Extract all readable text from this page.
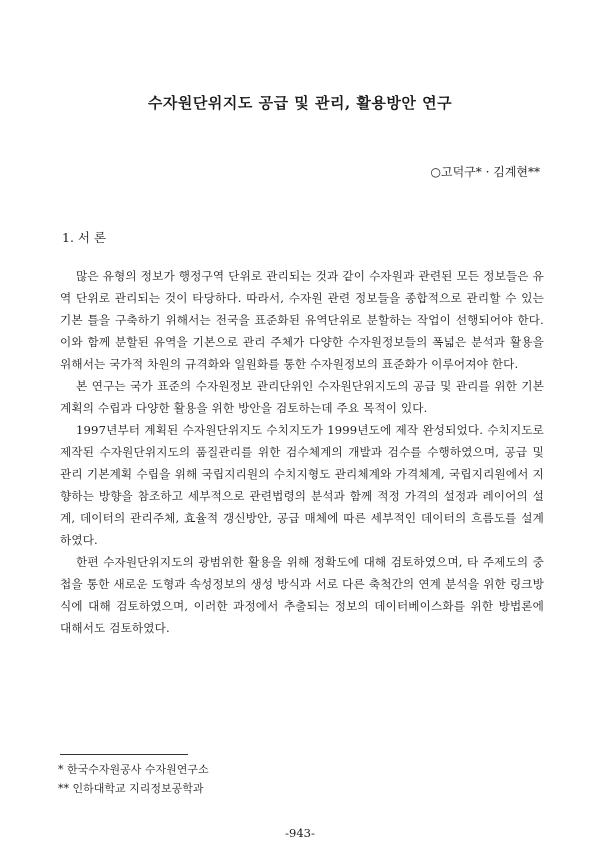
수자원단위지도 공급 및 관리, 활용방안 연구
○고덕구* · 김계현**
1. 서 론

많은 유형의 정보가 행정구역 단위로 관리되는 것과 같이 수자원과 관련된 모든 정보들은 유역 단위로 관리되는 것이 타당하다. 따라서, 수자원 관련 정보들을 종합적으로 관리할 수 있는 기본 틀을 구축하기 위해서는 전국을 표준화된 유역단위로 분할하는 작업이 선행되어야 한다. 이와 함께 분할된 유역을 기본으로 관리 주체가 다양한 수자원정보들의 폭넓은 분석과 활용을 위해서는 국가적 차원의 규격화와 일원화를 통한 수자원정보의 표준화가 이루어져야 한다.

본 연구는 국가 표준의 수자원정보 관리단위인 수자원단위지도의 공급 및 관리를 위한 기본계획의 수립과 다양한 활용을 위한 방안을 검토하는데 주요 목적이 있다.

1997년부터 계획된 수자원단위지도 수치지도가 1999년도에 제작 완성되었다. 수치지도로 제작된 수자원단위지도의 품질관리를 위한 검수체계의 개발과 검수를 수행하였으며, 공급 및 관리 기본계획 수립을 위해 국립지리원의 수치지형도 관리체계와 가격체계, 국립지리원에서 지향하는 방향을 참조하고 세부적으로 관련법령의 분석과 함께 적정 가격의 설정과 레이어의 설계, 데이터의 관리주체, 효율적 갱신방안, 공급 매체에 따른 세부적인 데이터의 흐름도를 설계하였다.

한편 수자원단위지도의 광범위한 활용을 위해 정확도에 대해 검토하였으며, 타 주제도의 중첩을 통한 새로운 도형과 속성정보의 생성 방식과 서로 다른 축척간의 연계 분석을 위한 링크방식에 대해 검토하였으며, 이러한 과정에서 추출되는 정보의 데이터베이스화를 위한 방법론에 대해서도 검토하였다.

* 한국수자원공사 수자원연구소
** 인하대학교 지리정보공학과
-943-
